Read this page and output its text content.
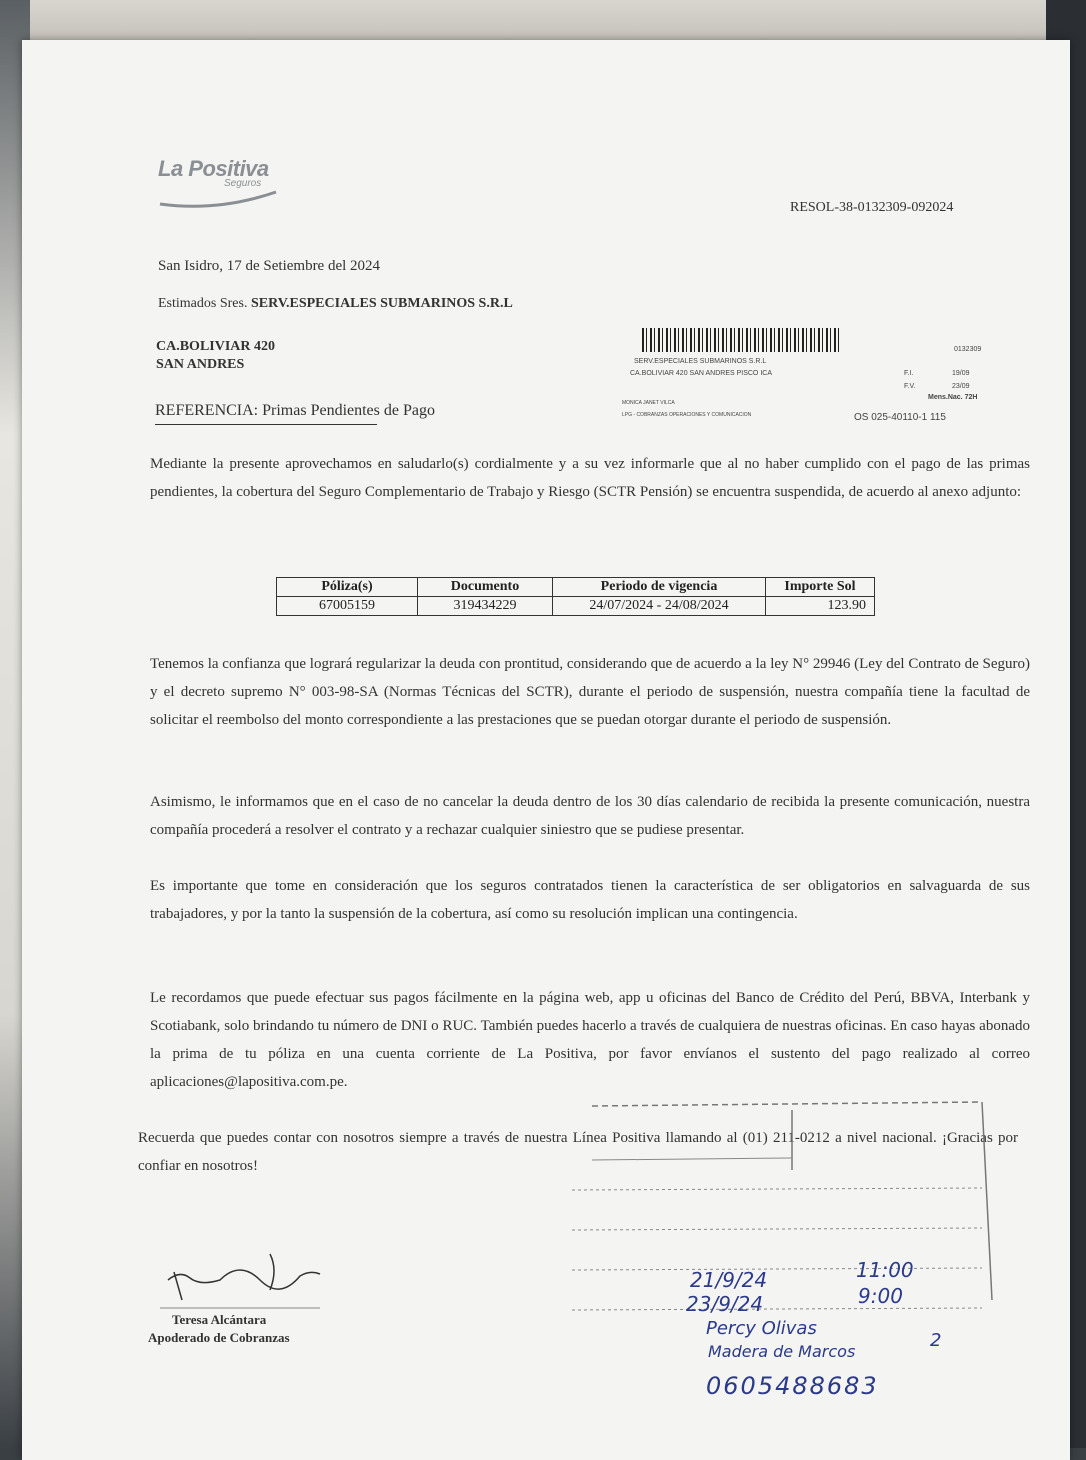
La Positiva
Seguros
RESOL-38-0132309-092024
San Isidro, 17 de Setiembre del 2024
Estimados Sres. SERV.ESPECIALES SUBMARINOS S.R.L
CA.BOLIVIAR 420
SAN ANDRES
REFERENCIA: Primas Pendientes de Pago
0132309
SERV.ESPECIALES SUBMARINOS S.R.L
CA.BOLIVIAR 420 SAN ANDRES PISCO ICA	F.I.	19/09
F.V.	23/09
Mens.Nac. 72H
MONICA JANET VILCA
LPG - COBRANZAS OPERACIONES Y COMUNICACION	OS 025-40110-1 115
Mediante la presente aprovechamos en saludarlo(s) cordialmente y a su vez informarle que al no haber cumplido con el pago de las primas pendientes, la cobertura del Seguro Complementario de Trabajo y Riesgo (SCTR Pensión) se encuentra suspendida, de acuerdo al anexo adjunto:
Póliza(s)	Documento	Periodo de vigencia	Importe Sol
67005159	319434229	24/07/2024 - 24/08/2024	123.90
Tenemos la confianza que logrará regularizar la deuda con prontitud, considerando que de acuerdo a la ley N° 29946 (Ley del Contrato de Seguro) y el decreto supremo N° 003-98-SA (Normas Técnicas del SCTR), durante el periodo de suspensión, nuestra compañía tiene la facultad de solicitar el reembolso del monto correspondiente a las prestaciones que se puedan otorgar durante el periodo de suspensión.
Asimismo, le informamos que en el caso de no cancelar la deuda dentro de los 30 días calendario de recibida la presente comunicación, nuestra compañía procederá a resolver el contrato y a rechazar cualquier siniestro que se pudiese presentar.
Es importante que tome en consideración que los seguros contratados tienen la característica de ser obligatorios en salvaguarda de sus trabajadores, y por la tanto la suspensión de la cobertura, así como su resolución implican una contingencia.
Le recordamos que puede efectuar sus pagos fácilmente en la página web, app u oficinas del Banco de Crédito del Perú, BBVA, Interbank y Scotiabank, solo brindando tu número de DNI o RUC. También puedes hacerlo a través de cualquiera de nuestras oficinas. En caso hayas abonado la prima de tu póliza en una cuenta corriente de La Positiva, por favor envíanos el sustento del pago realizado al correo aplicaciones@lapositiva.com.pe.
Recuerda que puedes contar con nosotros siempre a través de nuestra Línea Positiva llamando al (01) 211-0212 a nivel nacional. ¡Gracias por confiar en nosotros!
21/9/24	11:00
23/9/24	9:00
Percy Olivas
Madera de Marcos
2
0605488683
Teresa Alcántara
Apoderado de Cobranzas
